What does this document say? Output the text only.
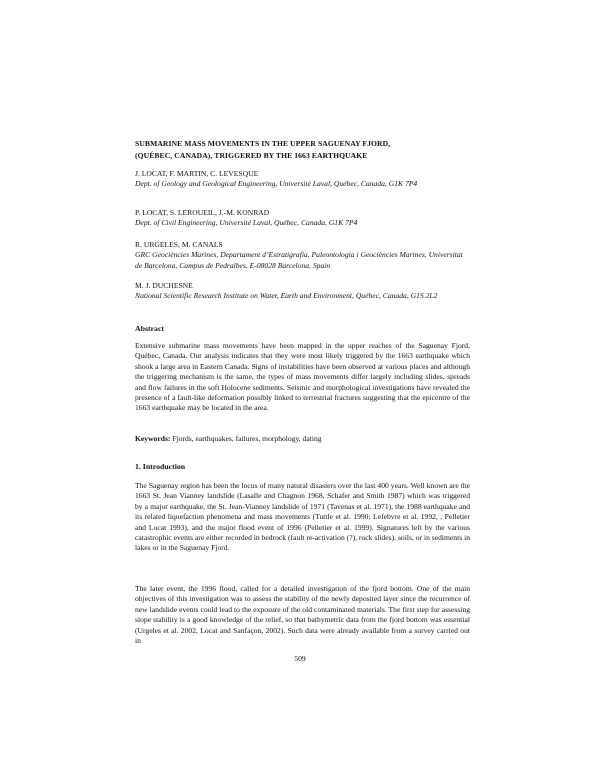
SUBMARINE MASS MOVEMENTS IN THE UPPER SAGUENAY FJORD,
(QUÉBEC, CANADA), TRIGGERED BY THE 1663 EARTHQUAKE
J. LOCAT, F. MARTIN, C. LEVESQUE
Dept. of Geology and Geological Engineering, Université Laval, Québec, Canada, G1K 7P4
P. LOCAT, S. LEROUEIL, J.-M. KONRAD
Dept. of Civil Engineering, Université Laval, Québec, Canada, G1K 7P4
R. URGELES, M. CANALS
GRC Geociències Marines, Departament d’Estratigrafia, Paleontologia i Geociències Marines, Universitat de Barcelona, Campus de Pedralbes, E-08028 Barcelona, Spain
M. J. DUCHESNE
National Scientific Research Institute on Water, Earth and Environment, Québec, Canada, G1S 2L2
Abstract

Extensive submarine mass movements have been mapped in the upper reaches of the Saguenay Fjord, Québec, Canada. Our analysis indicates that they were most likely triggered by the 1663 earthquake which shook a large area in Eastern Canada. Signs of instabilities have been observed at various places and although the triggering mechanism is the same, the types of mass movements differ largely including slides, spreads and flow failures in the soft Holocene sediments. Seismic and morphological investigations have revealed the presence of a fault-like deformation possibly linked to terrestrial fractures suggesting that the epicentre of the 1663 earthquake may be located in the area.

Keywords: Fjords, earthquakes, failures, morphology, dating

1. Introduction

The Saguenay region has been the locus of many natural disasters over the last 400 years. Well known are the 1663 St. Jean Vianney landslide (Lasalle and Chagnon 1968, Schafer and Smith 1987) which was triggered by a major earthquake, the St. Jean-Vianney landslide of 1971 (Tavenas et al. 1971), the 1988 earthquake and its related liquefaction phenomena and mass movements (Tuttle et al. 1990; Lefebvre et al. 1992, , Pelletier and Locat 1993), and the major flood event of 1996 (Pelletier et al. 1999). Signatures left by the various catastrophic events are either recorded in bedrock (fault re-activation (?), rock slides), soils, or in sediments in lakes or in the Saguenay Fjord.

The later event, the 1996 flood, called for a detailed investigation of the fjord bottom. One of the main objectives of this investigation was to assess the stability of the newly deposited layer since the recurrence of new landslide events could lead to the exposure of the old contaminated materials. The first step for assessing slope stability is a good knowledge of the relief, so that bathymetric data from the fjord bottom was essential (Urgeles et al. 2002, Locat and Sanfaçon, 2002). Such data were already available from a survey carried out in

509
